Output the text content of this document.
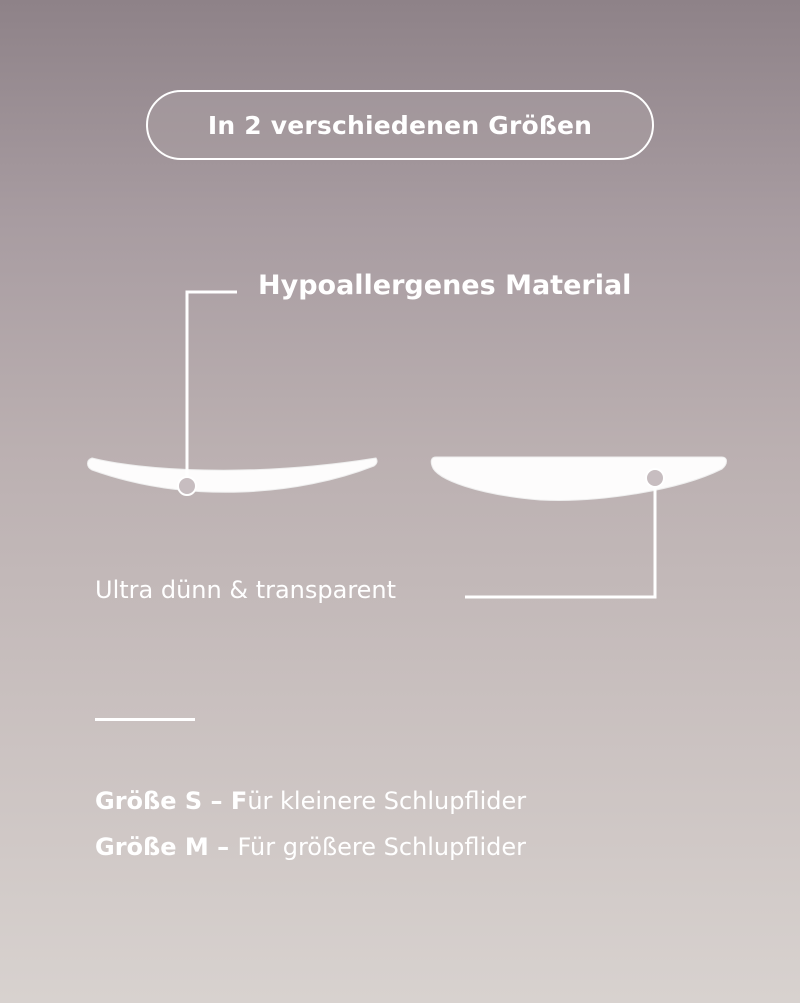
In 2 verschiedenen Größen
Hypoallergenes Material
Ultra dünn & transparent
Größe S – Für kleinere Schlupflider
Größe M – Für größere Schlupflider
